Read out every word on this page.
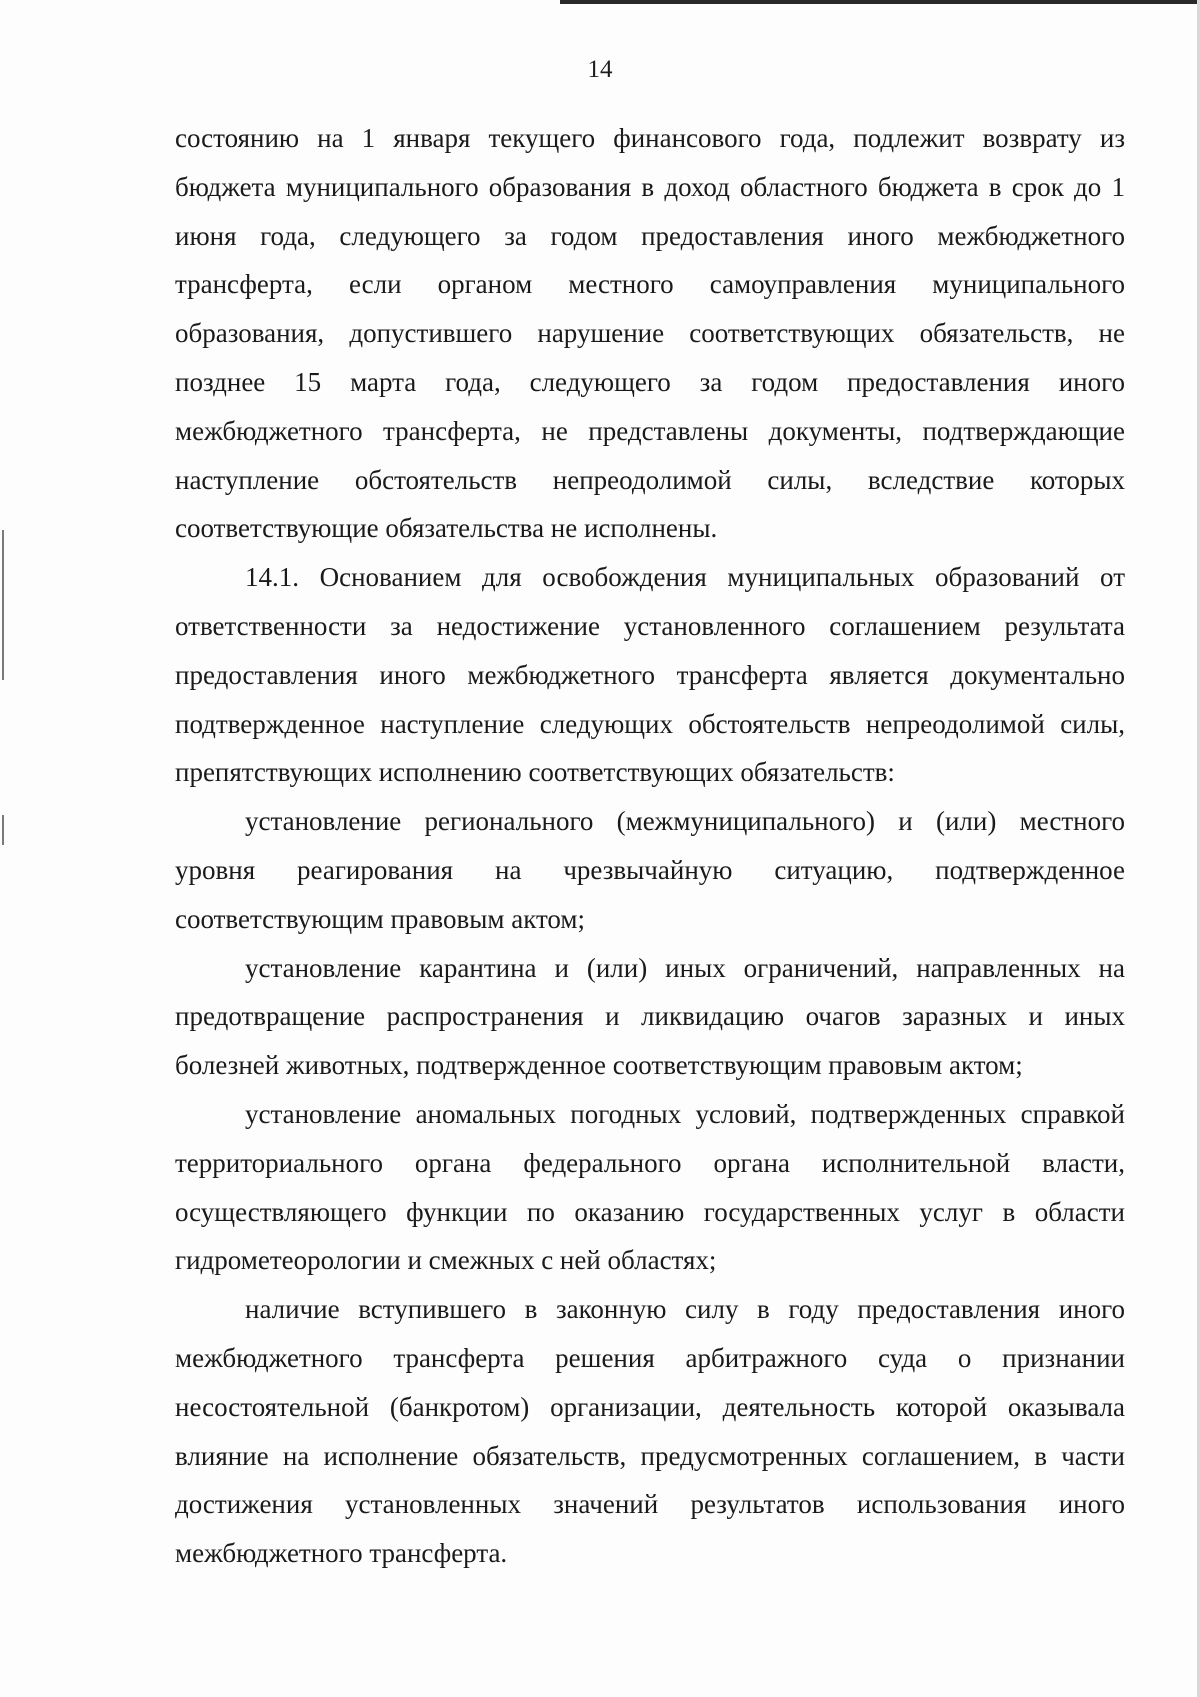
14

состоянию на 1 января текущего финансового года, подлежит возврату из бюджета муниципального образования в доход областного бюджета в срок до 1 июня года, следующего за годом предоставления иного межбюджетного трансферта, если органом местного самоуправления муниципального образования, допустившего нарушение соответствующих обязательств, не позднее 15 марта года, следующего за годом предоставления иного межбюджетного трансферта, не представлены документы, подтверждающие наступление обстоятельств непреодолимой силы, вследствие которых соответствующие обязательства не исполнены.

14.1. Основанием для освобождения муниципальных образований от ответственности за недостижение установленного соглашением результата предоставления иного межбюджетного трансферта является документально подтвержденное наступление следующих обстоятельств непреодолимой силы, препятствующих исполнению соответствующих обязательств:

установление регионального (межмуниципального) и (или) местного уровня реагирования на чрезвычайную ситуацию, подтвержденное соответствующим правовым актом;

установление карантина и (или) иных ограничений, направленных на предотвращение распространения и ликвидацию очагов заразных и иных болезней животных, подтвержденное соответствующим правовым актом;

установление аномальных погодных условий, подтвержденных справкой территориального органа федерального органа исполнительной власти, осуществляющего функции по оказанию государственных услуг в области гидрометеорологии и смежных с ней областях;

наличие вступившего в законную силу в году предоставления иного межбюджетного трансферта решения арбитражного суда о признании несостоятельной (банкротом) организации, деятельность которой оказывала влияние на исполнение обязательств, предусмотренных соглашением, в части достижения установленных значений результатов использования иного межбюджетного трансферта.
